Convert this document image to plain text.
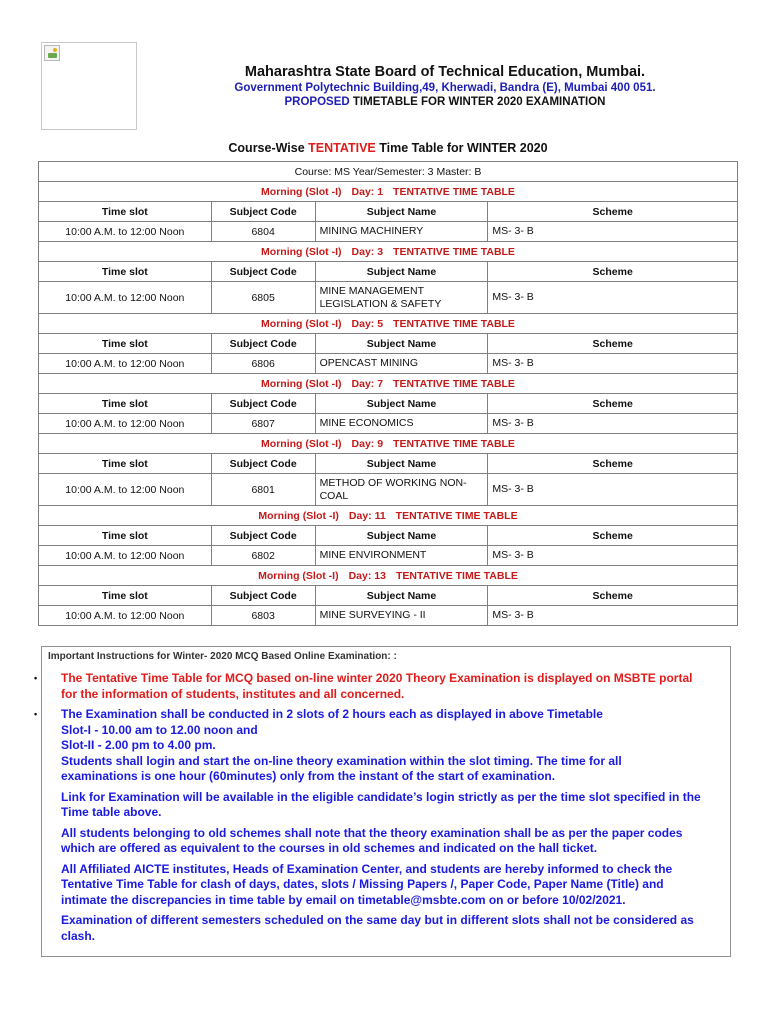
Maharashtra State Board of Technical Education, Mumbai.
Government Polytechnic Building,49, Kherwadi, Bandra (E), Mumbai 400 051.
PROPOSED TIMETABLE FOR WINTER 2020 EXAMINATION
Course-Wise TENTATIVE Time Table for WINTER 2020
Course: MS Year/Semester: 3 Master: B			
Morning (Slot -I) Day: 1 TENTATIVE TIME TABLE			
Time slot	Subject Code	Subject Name	Scheme
10:00 A.M. to 12:00 Noon	6804	MINING MACHINERY	MS- 3- B
Morning (Slot -I) Day: 3 TENTATIVE TIME TABLE			
Time slot	Subject Code	Subject Name	Scheme
10:00 A.M. to 12:00 Noon	6805	MINE MANAGEMENT
LEGISLATION & SAFETY	MS- 3- B
Morning (Slot -I) Day: 5 TENTATIVE TIME TABLE			
Time slot	Subject Code	Subject Name	Scheme
10:00 A.M. to 12:00 Noon	6806	OPENCAST MINING	MS- 3- B
Morning (Slot -I) Day: 7 TENTATIVE TIME TABLE			
Time slot	Subject Code	Subject Name	Scheme
10:00 A.M. to 12:00 Noon	6807	MINE ECONOMICS	MS- 3- B
Morning (Slot -I) Day: 9 TENTATIVE TIME TABLE			
Time slot	Subject Code	Subject Name	Scheme
10:00 A.M. to 12:00 Noon	6801	METHOD OF WORKING NON-
COAL	MS- 3- B
Morning (Slot -I) Day: 11 TENTATIVE TIME TABLE			
Time slot	Subject Code	Subject Name	Scheme
10:00 A.M. to 12:00 Noon	6802	MINE ENVIRONMENT	MS- 3- B
Morning (Slot -I) Day: 13 TENTATIVE TIME TABLE			
Time slot	Subject Code	Subject Name	Scheme
10:00 A.M. to 12:00 Noon	6803	MINE SURVEYING - II	MS- 3- B
Important Instructions for Winter- 2020 MCQ Based Online Examination: :
• The Tentative Time Table for MCQ based on-line winter 2020 Theory Examination is displayed on MSBTE portal
for the information of students, institutes and all concerned.
• The Examination shall be conducted in 2 slots of 2 hours each as displayed in above Timetable
Slot-I - 10.00 am to 12.00 noon and
Slot-II - 2.00 pm to 4.00 pm.
Students shall login and start the on-line theory examination within the slot timing. The time for all
examinations is one hour (60minutes) only from the instant of the start of examination.
Link for Examination will be available in the eligible candidate’s login strictly as per the time slot specified in the
Time table above.
All students belonging to old schemes shall note that the theory examination shall be as per the paper codes
which are offered as equivalent to the courses in old schemes and indicated on the hall ticket.
All Affiliated AICTE institutes, Heads of Examination Center, and students are hereby informed to check the
Tentative Time Table for clash of days, dates, slots / Missing Papers /, Paper Code, Paper Name (Title) and
intimate the discrepancies in time table by email on timetable@msbte.com on or before 10/02/2021.
Examination of different semesters scheduled on the same day but in different slots shall not be considered as
clash.
